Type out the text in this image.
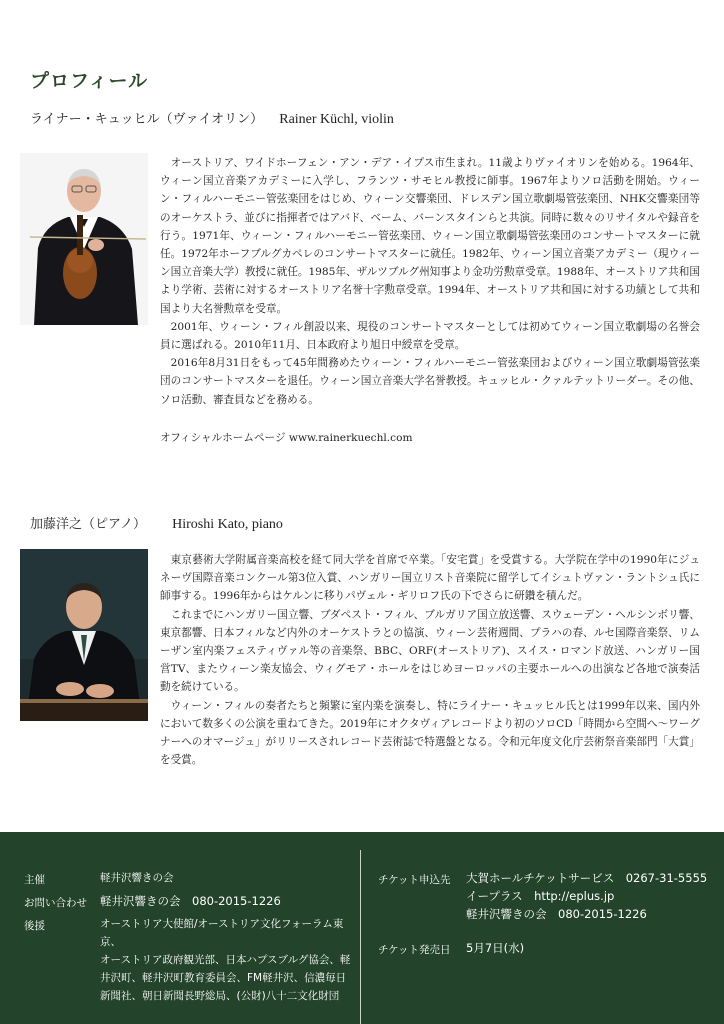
プロフィール
ライナー・キュッヒル（ヴァイオリン） Rainer Küchl, violin

オーストリア、ワイドホーフェン・アン・デア・イプス市生まれ。11歳よりヴァイオリンを始める。1964年、ウィーン国立音楽アカデミーに入学し、フランツ・サモヒル教授に師事。1967年よりソロ活動を開始。ウィーン・フィルハーモニー管弦楽団をはじめ、ウィーン交響楽団、ドレスデン国立歌劇場管弦楽団、NHK交響楽団等のオーケストラ、並びに指揮者ではアバド、ベーム、バーンスタインらと共演。同時に数々のリサイタルや録音を行う。1971年、ウィーン・フィルハーモニー管弦楽団、ウィーン国立歌劇場管弦楽団のコンサートマスターに就任。1972年ホーフブルグカペレのコンサートマスターに就任。1982年、ウィーン国立音楽アカデミー（現ウィーン国立音楽大学）教授に就任。1985年、ザルツブルグ州知事より金功労勲章受章。1988年、オーストリア共和国より学術、芸術に対するオーストリア名誉十字勲章受章。1994年、オーストリア共和国に対する功績として共和国より大名誉勲章を受章。

2001年、ウィーン・フィル創設以来、現役のコンサートマスターとしては初めてウィーン国立歌劇場の名誉会員に選ばれる。2010年11月、日本政府より旭日中綬章を受章。

2016年8月31日をもって45年間務めたウィーン・フィルハーモニー管弦楽団およびウィーン国立歌劇場管弦楽団のコンサートマスターを退任。ウィーン国立音楽大学名誉教授。キュッヒル・クァルテットリーダー。その他、ソロ活動、審査員などを務める。

オフィシャルホームページ www.rainerkuechl.com
加藤洋之（ピアノ） Hiroshi Kato, piano

東京藝術大学附属音楽高校を経て同大学を首席で卒業。「安宅賞」を受賞する。大学院在学中の1990年にジュネーヴ国際音楽コンクール第3位入賞、ハンガリー国立リスト音楽院に留学してイシュトヴァン・ラントシュ氏に師事する。1996年からはケルンに移りパヴェル・ギリロフ氏の下でさらに研鑽を積んだ。

これまでにハンガリー国立響、ブダペスト・フィル、ブルガリア国立放送響、スウェーデン・ヘルシンボリ響、東京都響、日本フィルなど内外のオーケストラとの協演、ウィーン芸術週間、プラハの春、ルセ国際音楽祭、リムーザン室内楽フェスティヴァル等の音楽祭、BBC、ORF(オーストリア)、スイス・ロマンド放送、ハンガリー国営TV、またウィーン楽友協会、ウィグモア・ホールをはじめヨーロッパの主要ホールへの出演など各地で演奏活動を続けている。

ウィーン・フィルの奏者たちと頻繁に室内楽を演奏し、特にライナー・キュッヒル氏とは1999年以来、国内外において数多くの公演を重ねてきた。2019年にオクタヴィアレコードより初のソロCD「時間から空間へ〜ワーグナーへのオマージュ」がリリースされレコード芸術誌で特選盤となる。令和元年度文化庁芸術祭音楽部門「大賞」を受賞。

主催	軽井沢響きの会
お問い合わせ 軽井沢響きの会　080-2015-1226
後援	オーストリア大使館/オーストリア文化フォーラム東京、
オーストリア政府観光部、日本ハプスブルグ協会、軽
井沢町、軽井沢町教育委員会、FM軽井沢、信濃毎日
新聞社、朝日新聞長野総局、(公財)八十二文化財団
チケット申込先 大賀ホールチケットサービス　0267-31-5555
イープラス　http://eplus.jp
軽井沢響きの会　080-2015-1226
チケット発売日 5月7日(水)
